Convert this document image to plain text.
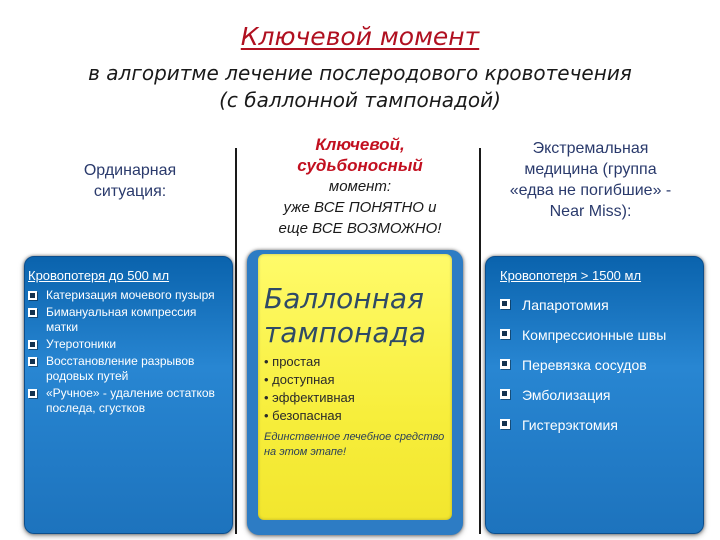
Ключевой момент
в алгоритме лечение послеродового кровотечения
(с баллонной тампонадой)
Ординарная
ситуация:
Ключевой,
судьбоносный
момент:
уже ВСЕ ПОНЯТНО и
еще ВСЕ ВОЗМОЖНО!
Экстремальная
медицина (группа
«едва не погибшие» -
Near Miss):
Кровопотеря до 500 мл
Катеризация мочевого пузыря
Бимануальная компрессия матки
Утеротоники
Восстановление разрывов родовых путей
«Ручное» - удаление остатков последа, сгустков
Баллонная
тампонада
• простая
• доступная
• эффективная
• безопасная
Единственное лечебное средство на этом этапе!
Кровопотеря > 1500 мл
Лапаротомия
Компрессионные швы
Перевязка сосудов
Эмболизация
Гистерэктомия
